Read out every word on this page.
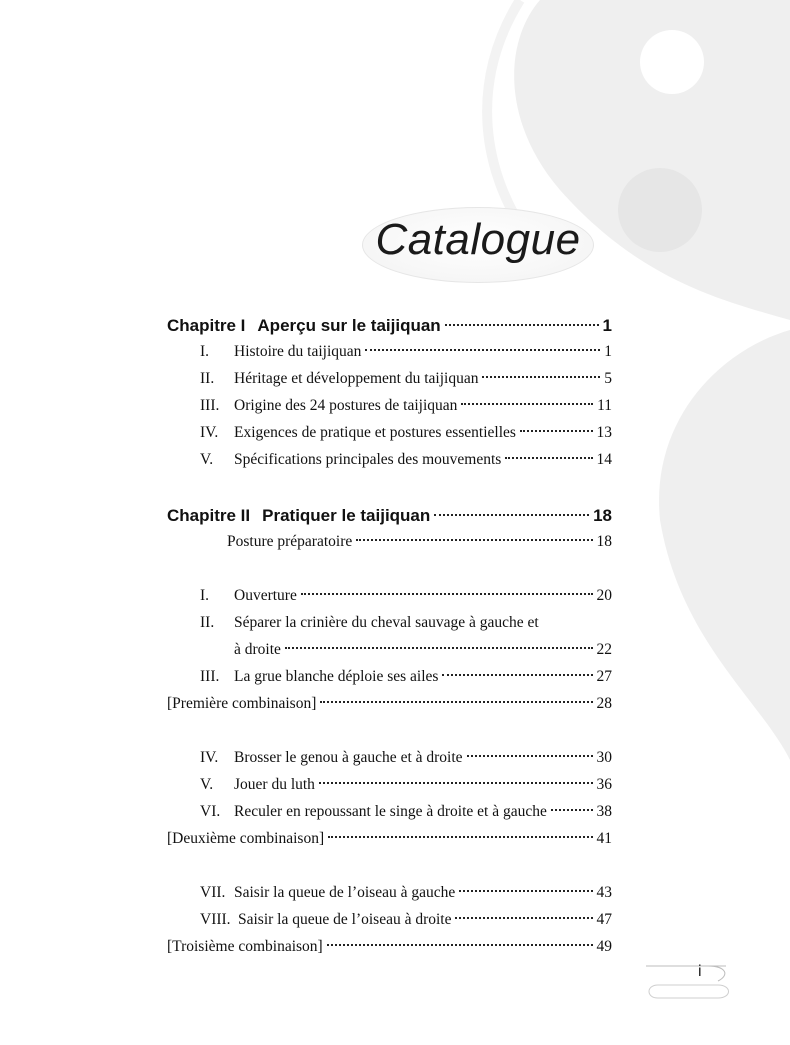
Catalogue
Chapitre I Aperçu sur le taijiquan	1
I.	Histoire du taijiquan	1
II.	Héritage et développement du taijiquan	5
III. Origine des 24 postures de taijiquan	11
IV.	Exigences de pratique et postures essentielles	13
V.	Spécifications principales des mouvements	14
Chapitre II Pratiquer le taijiquan	18
Posture préparatoire	18
I.	Ouverture	20
II.	Séparer la crinière du cheval sauvage à gauche et
à droite	22
III. La grue blanche déploie ses ailes	27
[Première combinaison]	28
IV.	Brosser le genou à gauche et à droite	30
V.	Jouer du luth	36
VI. Reculer en repoussant le singe à droite et à gauche	38
[Deuxième combinaison]	41
VII. Saisir la queue de l’oiseau à gauche	43
VIII. Saisir la queue de l’oiseau à droite	47
[Troisième combinaison]	49
i
